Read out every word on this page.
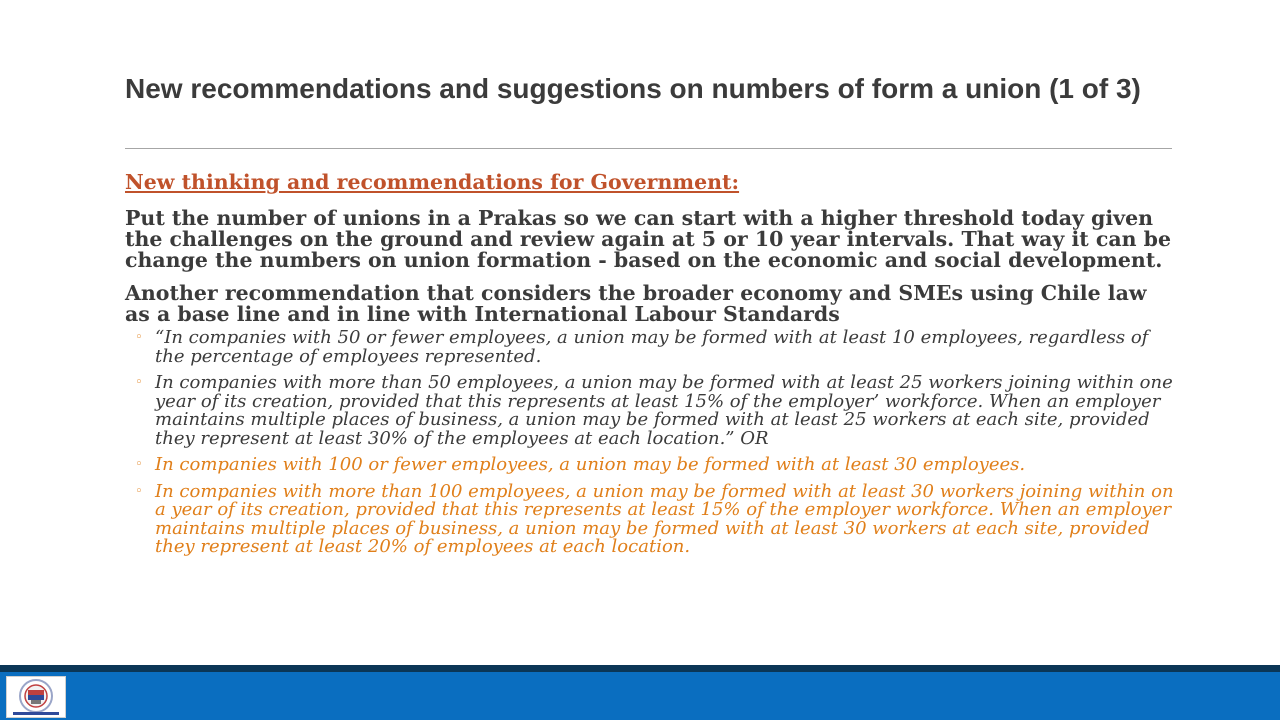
New recommendations and suggestions on numbers of form a union (1 of 3)

New thinking and recommendations for Government:

Put the number of unions in a Prakas so we can start with a higher threshold today given the challenges on the ground and review again at 5 or 10 year intervals. That way it can be change the numbers on union formation - based on the economic and social development.

Another recommendation that considers the broader economy and SMEs using Chile law as a base line and in line with International Labour Standards

◦ “In companies with 50 or fewer employees, a union may be formed with at least 10 employees, regardless of the percentage of employees represented.
◦ In companies with more than 50 employees, a union may be formed with at least 25 workers joining within one year of its creation, provided that this represents at least 15% of the employer’ workforce. When an employer maintains multiple places of business, a union may be formed with at least 25 workers at each site, provided they represent at least 30% of the employees at each location.” OR
◦ In companies with 100 or fewer employees, a union may be formed with at least 30 employees.
◦ In companies with more than 100 employees, a union may be formed with at least 30 workers joining within on a year of its creation, provided that this represents at least 15% of the employer workforce. When an employer maintains multiple places of business, a union may be formed with at least 30 workers at each site, provided they represent at least 20% of employees at each location.
